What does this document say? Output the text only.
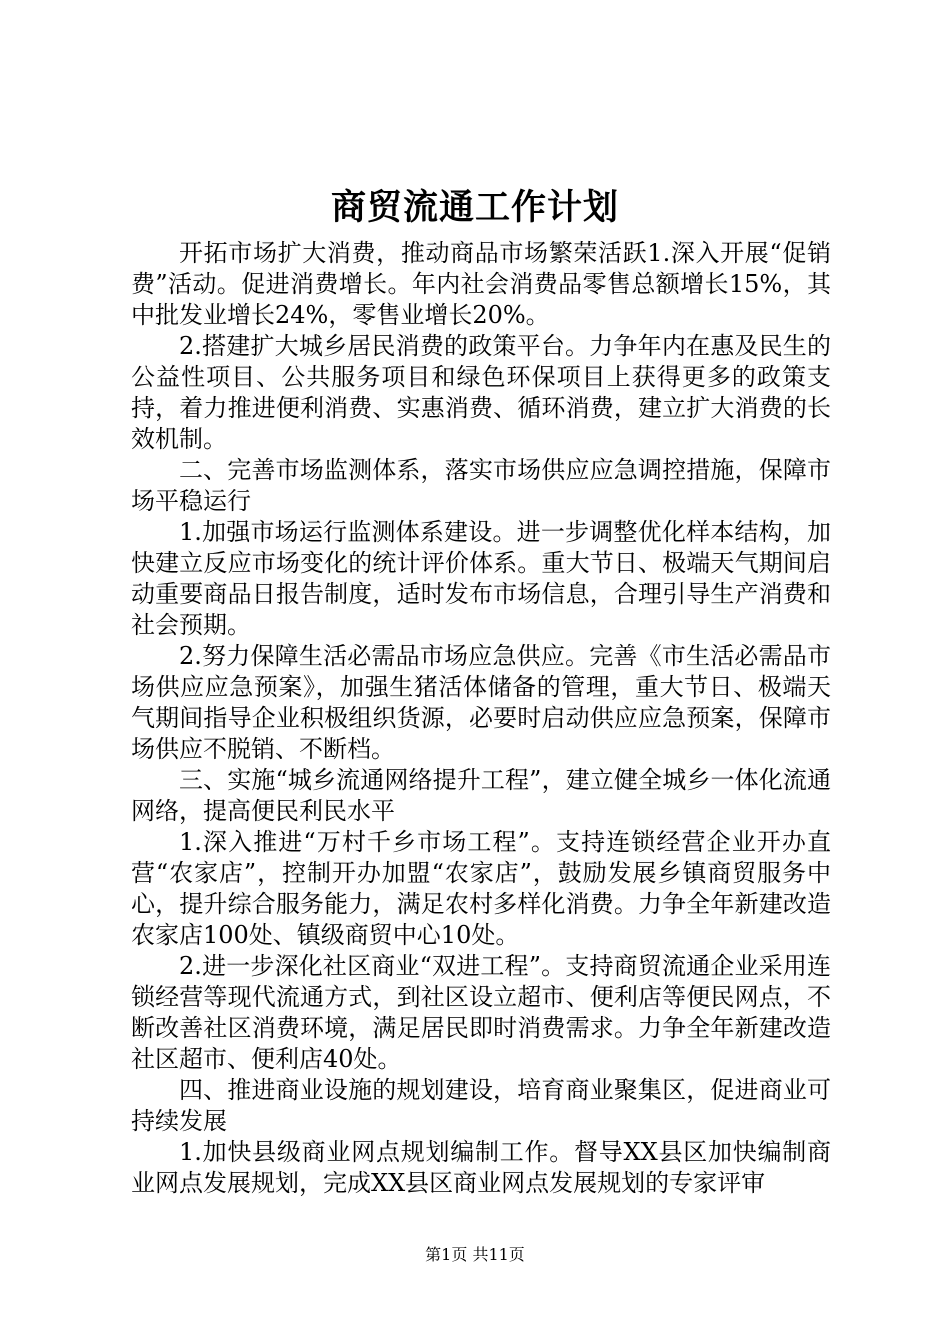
商贸流通工作计划

开拓市场扩大消费，推动商品市场繁荣活跃1.深入开展“促销费”活动。促进消费增长。年内社会消费品零售总额增长15%，其中批发业增长24%，零售业增长20%。

2.搭建扩大城乡居民消费的政策平台。力争年内在惠及民生的公益性项目、公共服务项目和绿色环保项目上获得更多的政策支持，着力推进便利消费、实惠消费、循环消费，建立扩大消费的长效机制。

二、完善市场监测体系，落实市场供应应急调控措施，保障市场平稳运行

1.加强市场运行监测体系建设。进一步调整优化样本结构，加快建立反应市场变化的统计评价体系。重大节日、极端天气期间启动重要商品日报告制度，适时发布市场信息，合理引导生产消费和社会预期。

2.努力保障生活必需品市场应急供应。完善《市生活必需品市场供应应急预案》，加强生猪活体储备的管理，重大节日、极端天气期间指导企业积极组织货源，必要时启动供应应急预案，保障市场供应不脱销、不断档。

三、实施“城乡流通网络提升工程”，建立健全城乡一体化流通网络，提高便民利民水平

1.深入推进“万村千乡市场工程”。支持连锁经营企业开办直营“农家店”，控制开办加盟“农家店”，鼓励发展乡镇商贸服务中心，提升综合服务能力，满足农村多样化消费。力争全年新建改造农家店100处、镇级商贸中心10处。

2.进一步深化社区商业“双进工程”。支持商贸流通企业采用连锁经营等现代流通方式，到社区设立超市、便利店等便民网点，不断改善社区消费环境，满足居民即时消费需求。力争全年新建改造社区超市、便利店40处。

四、推进商业设施的规划建设，培育商业聚集区，促进商业可持续发展

1.加快县级商业网点规划编制工作。督导XX县区加快编制商业网点发展规划，完成XX县区商业网点发展规划的专家评审

第1页 共11页
